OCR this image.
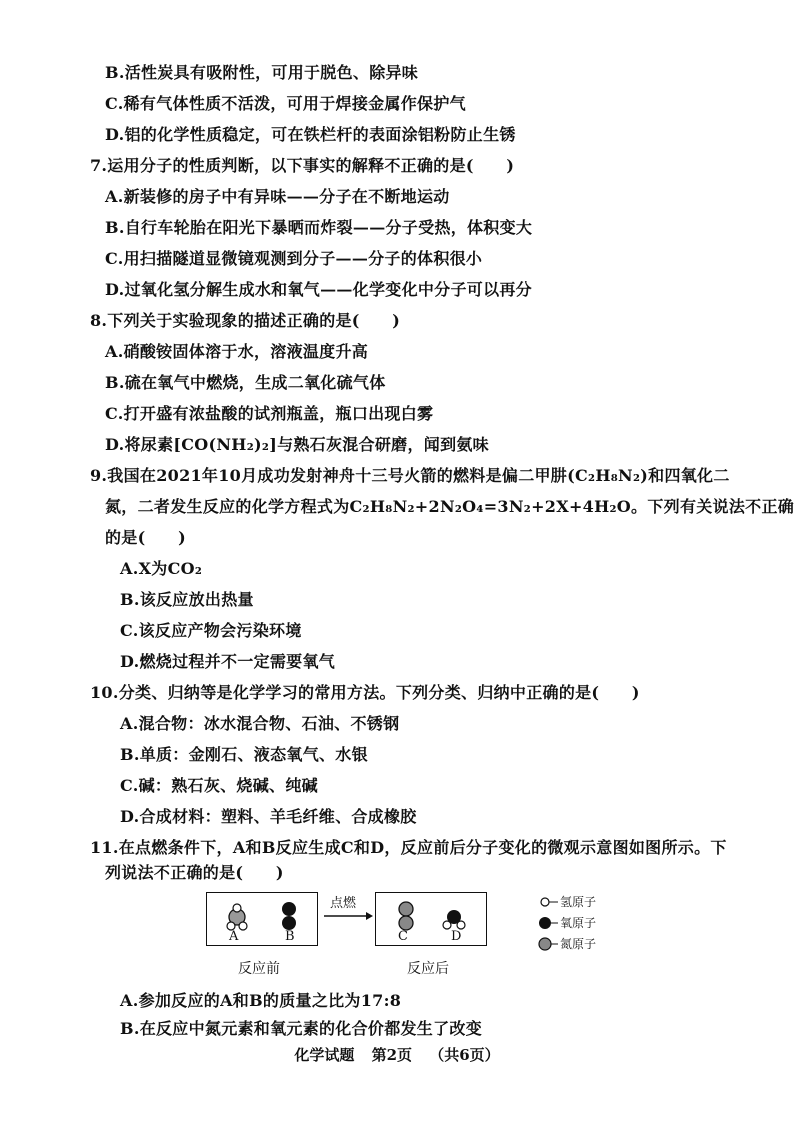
B.活性炭具有吸附性，可用于脱色、除异味
C.稀有气体性质不活泼，可用于焊接金属作保护气
D.铝的化学性质稳定，可在铁栏杆的表面涂铝粉防止生锈
7.运用分子的性质判断，以下事实的解释不正确的是(　　)
A.新装修的房子中有异味——分子在不断地运动
B.自行车轮胎在阳光下暴晒而炸裂——分子受热，体积变大
C.用扫描隧道显微镜观测到分子——分子的体积很小
D.过氧化氢分解生成水和氧气——化学变化中分子可以再分
8.下列关于实验现象的描述正确的是(　　)
A.硝酸铵固体溶于水，溶液温度升高
B.硫在氧气中燃烧，生成二氧化硫气体
C.打开盛有浓盐酸的试剂瓶盖，瓶口出现白雾
D.将尿素[CO(NH₂)₂]与熟石灰混合研磨，闻到氨味
9.我国在2021年10月成功发射神舟十三号火箭的燃料是偏二甲肼(C₂H₈N₂)和四氧化二
氮，二者发生反应的化学方程式为C₂H₈N₂+2N₂O₄=3N₂+2X+4H₂O。下列有关说法不正确
的是(　　)
A.X为CO₂
B.该反应放出热量
C.该反应产物会污染环境
D.燃烧过程并不一定需要氧气
10.分类、归纳等是化学学习的常用方法。下列分类、归纳中正确的是(　　)
A.混合物：冰水混合物、石油、不锈钢
B.单质：金刚石、液态氧气、水银
C.碱：熟石灰、烧碱、纯碱
D.合成材料：塑料、羊毛纤维、合成橡胶
11.在点燃条件下，A和B反应生成C和D，反应前后分子变化的微观示意图如图所示。下
列说法不正确的是(　　)
A	B
点燃
C	D
反应前	反应后
氢原子
氧原子
氮原子
A.参加反应的A和B的质量之比为17:8
B.在反应中氮元素和氧元素的化合价都发生了改变
化学试题 第2页 （共6页）
